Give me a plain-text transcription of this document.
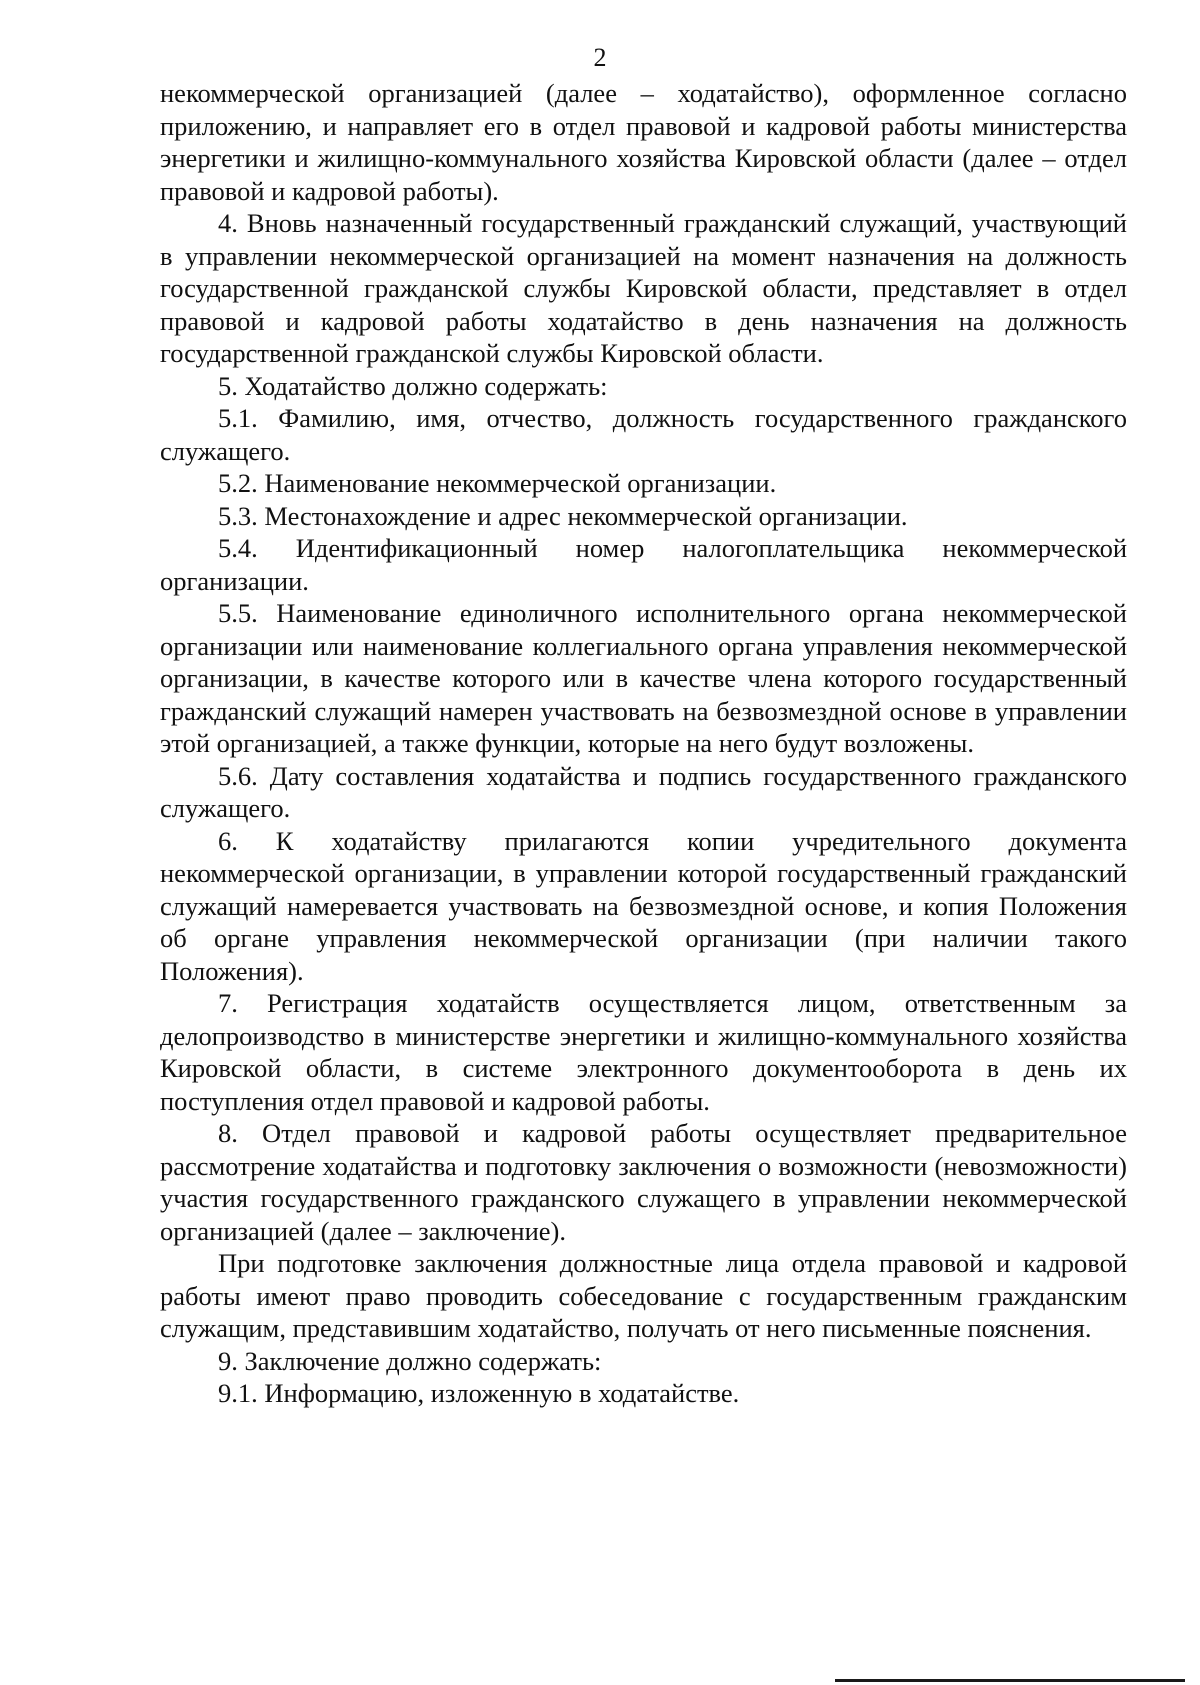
2

некоммерческой организацией (далее – ходатайство), оформленное согласно приложению, и направляет его в отдел правовой и кадровой работы министерства энергетики и жилищно-коммунального хозяйства Кировской области (далее – отдел правовой и кадровой работы).

4. Вновь назначенный государственный гражданский служащий, участвующий в управлении некоммерческой организацией на момент назначения на должность государственной гражданской службы Кировской области, представляет в отдел правовой и кадровой работы ходатайство в день назначения на должность государственной гражданской службы Кировской области.

5. Ходатайство должно содержать:

5.1. Фамилию, имя, отчество, должность государственного гражданского служащего.

5.2. Наименование некоммерческой организации.

5.3. Местонахождение и адрес некоммерческой организации.

5.4. Идентификационный номер налогоплательщика некоммерческой организации.

5.5. Наименование единоличного исполнительного органа некоммерческой организации или наименование коллегиального органа управления некоммерческой организации, в качестве которого или в качестве члена которого государственный гражданский служащий намерен участвовать на безвозмездной основе в управлении этой организацией, а также функции, которые на него будут возложены.

5.6. Дату составления ходатайства и подпись государственного гражданского служащего.

6. К ходатайству прилагаются копии учредительного документа некоммерческой организации, в управлении которой государственный гражданский служащий намеревается участвовать на безвозмездной основе, и копия Положения об органе управления некоммерческой организации (при наличии такого Положения).

7. Регистрация ходатайств осуществляется лицом, ответственным за делопроизводство в министерстве энергетики и жилищно-коммунального хозяйства Кировской области, в системе электронного документооборота в день их поступления отдел правовой и кадровой работы.

8. Отдел правовой и кадровой работы осуществляет предварительное рассмотрение ходатайства и подготовку заключения о возможности (невозможности) участия государственного гражданского служащего в управлении некоммерческой организацией (далее – заключение).

При подготовке заключения должностные лица отдела правовой и кадровой работы имеют право проводить собеседование с государственным гражданским служащим, представившим ходатайство, получать от него письменные пояснения.

9. Заключение должно содержать:

9.1. Информацию, изложенную в ходатайстве.
